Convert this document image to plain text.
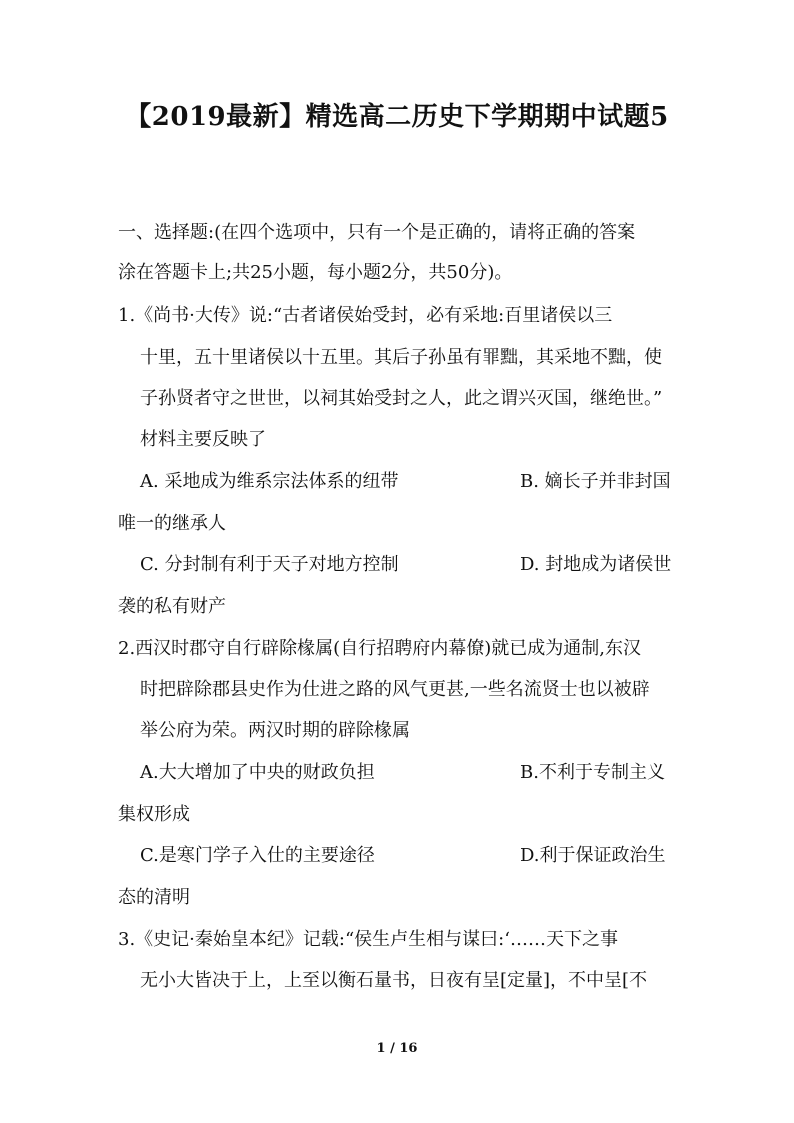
【2019最新】精选高二历史下学期期中试题5
一、选择题:(在四个选项中，只有一个是正确的，请将正确的答案
涂在答题卡上;共25小题，每小题2分，共50分)。
1.《尚书·大传》说:“古者诸侯始受封，必有采地:百里诸侯以三
十里，五十里诸侯以十五里。其后子孙虽有罪黜，其采地不黜，使
子孙贤者守之世世，以祠其始受封之人，此之谓兴灭国，继绝世。”
材料主要反映了
A. 采地成为维系宗法体系的纽带	B. 嫡长子并非封国
唯一的继承人
C. 分封制有利于天子对地方控制	D. 封地成为诸侯世
袭的私有财产
2.西汉时郡守自行辟除椽属(自行招聘府内幕僚)就已成为通制,东汉
时把辟除郡县史作为仕进之路的风气更甚,一些名流贤士也以被辟
举公府为荣。两汉时期的辟除椽属
A.大大增加了中央的财政负担	B.不利于专制主义
集权形成
C.是寒门学子入仕的主要途径	D.利于保证政治生
态的清明
3.《史记·秦始皇本纪》记载:“侯生卢生相与谋曰:‘……天下之事
无小大皆决于上，上至以衡石量书，日夜有呈[定量]，不中呈[不
1 / 16
